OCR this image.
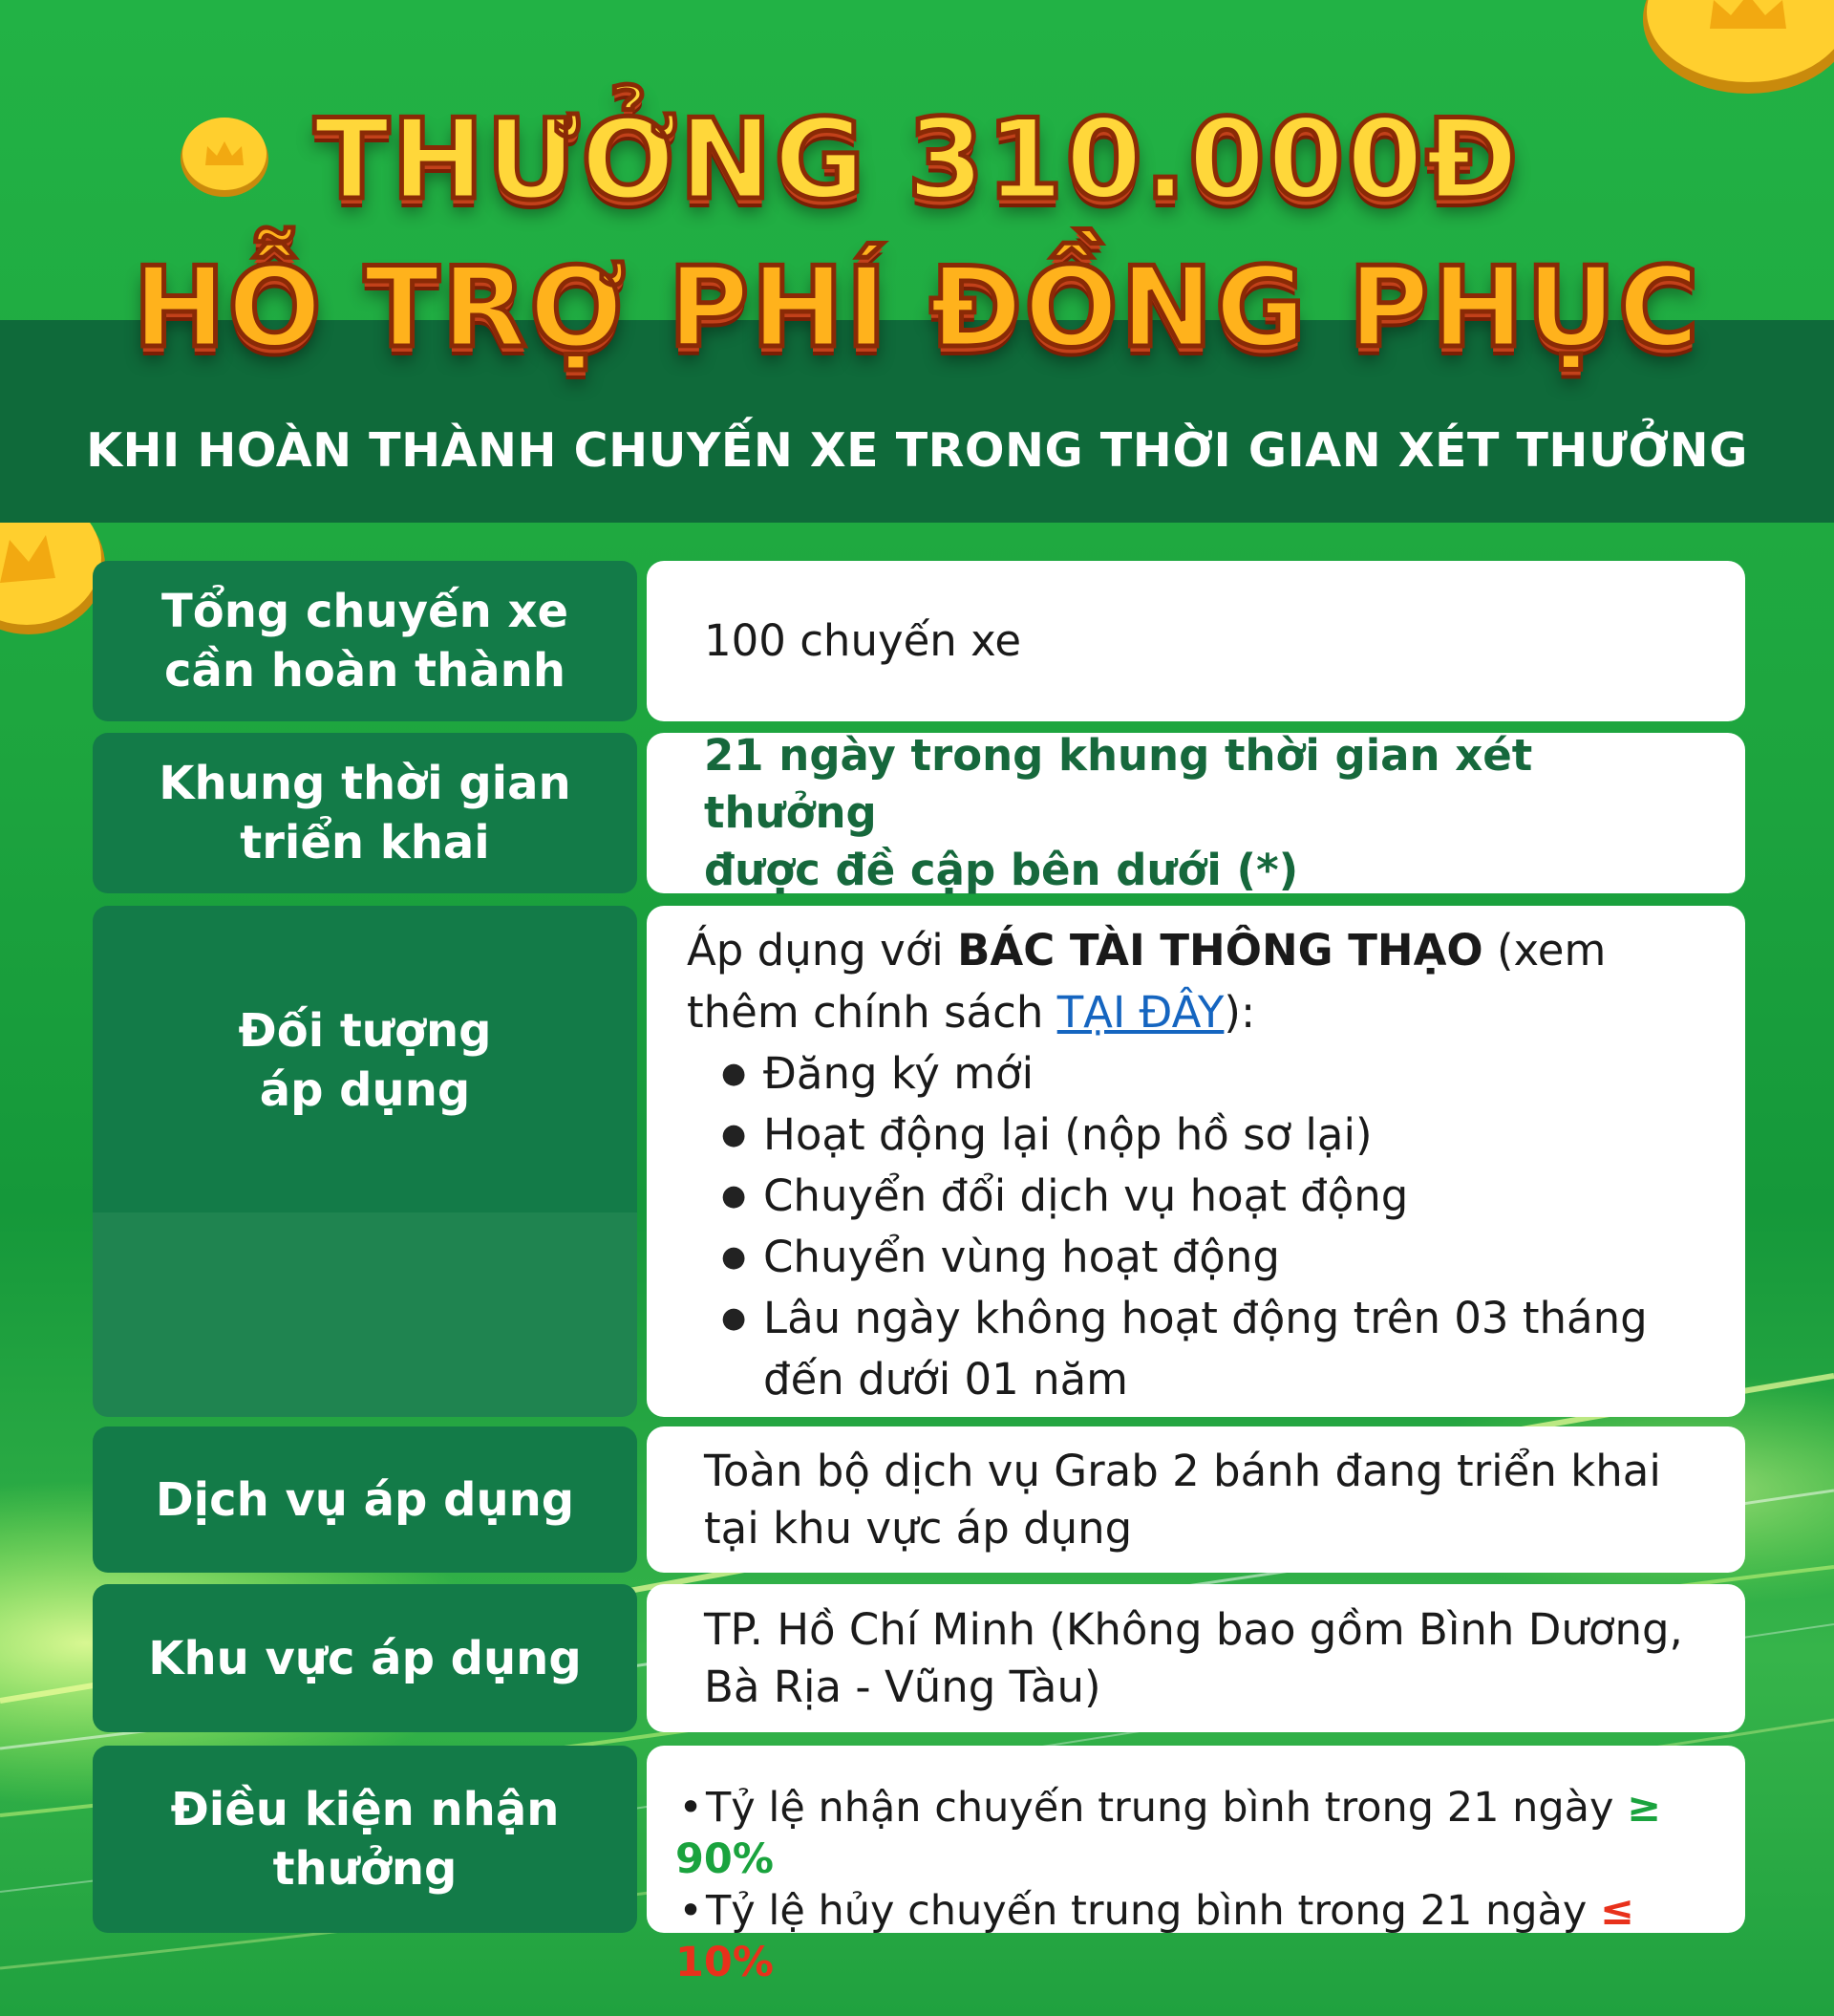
THƯỞNG 310.000Đ
HỖ TRỢ PHÍ ĐỒNG PHỤC
KHI HOÀN THÀNH CHUYẾN XE TRONG THỜI GIAN XÉT THƯỞNG
Tổng chuyến xe
cần hoàn thành
100 chuyến xe
Khung thời gian
triển khai
21 ngày trong khung thời gian xét thưởng
được đề cập bên dưới (*)
Đối tượng
áp dụng
Áp dụng với BÁC TÀI THÔNG THẠO (xem thêm chính sách TẠI ĐÂY):
● Đăng ký mới
● Hoạt động lại (nộp hồ sơ lại)
● Chuyển đổi dịch vụ hoạt động
● Chuyển vùng hoạt động
● Lâu ngày không hoạt động trên 03 tháng
đến dưới 01 năm
Dịch vụ áp dụng
Toàn bộ dịch vụ Grab 2 bánh đang triển khai
tại khu vực áp dụng
Khu vực áp dụng
TP. Hồ Chí Minh (Không bao gồm Bình Dương,
Bà Rịa - Vũng Tàu)
Điều kiện nhận
thưởng
•Tỷ lệ nhận chuyến trung bình trong 21 ngày ≥ 90%
•Tỷ lệ hủy chuyến trung bình trong 21 ngày ≤ 10%
